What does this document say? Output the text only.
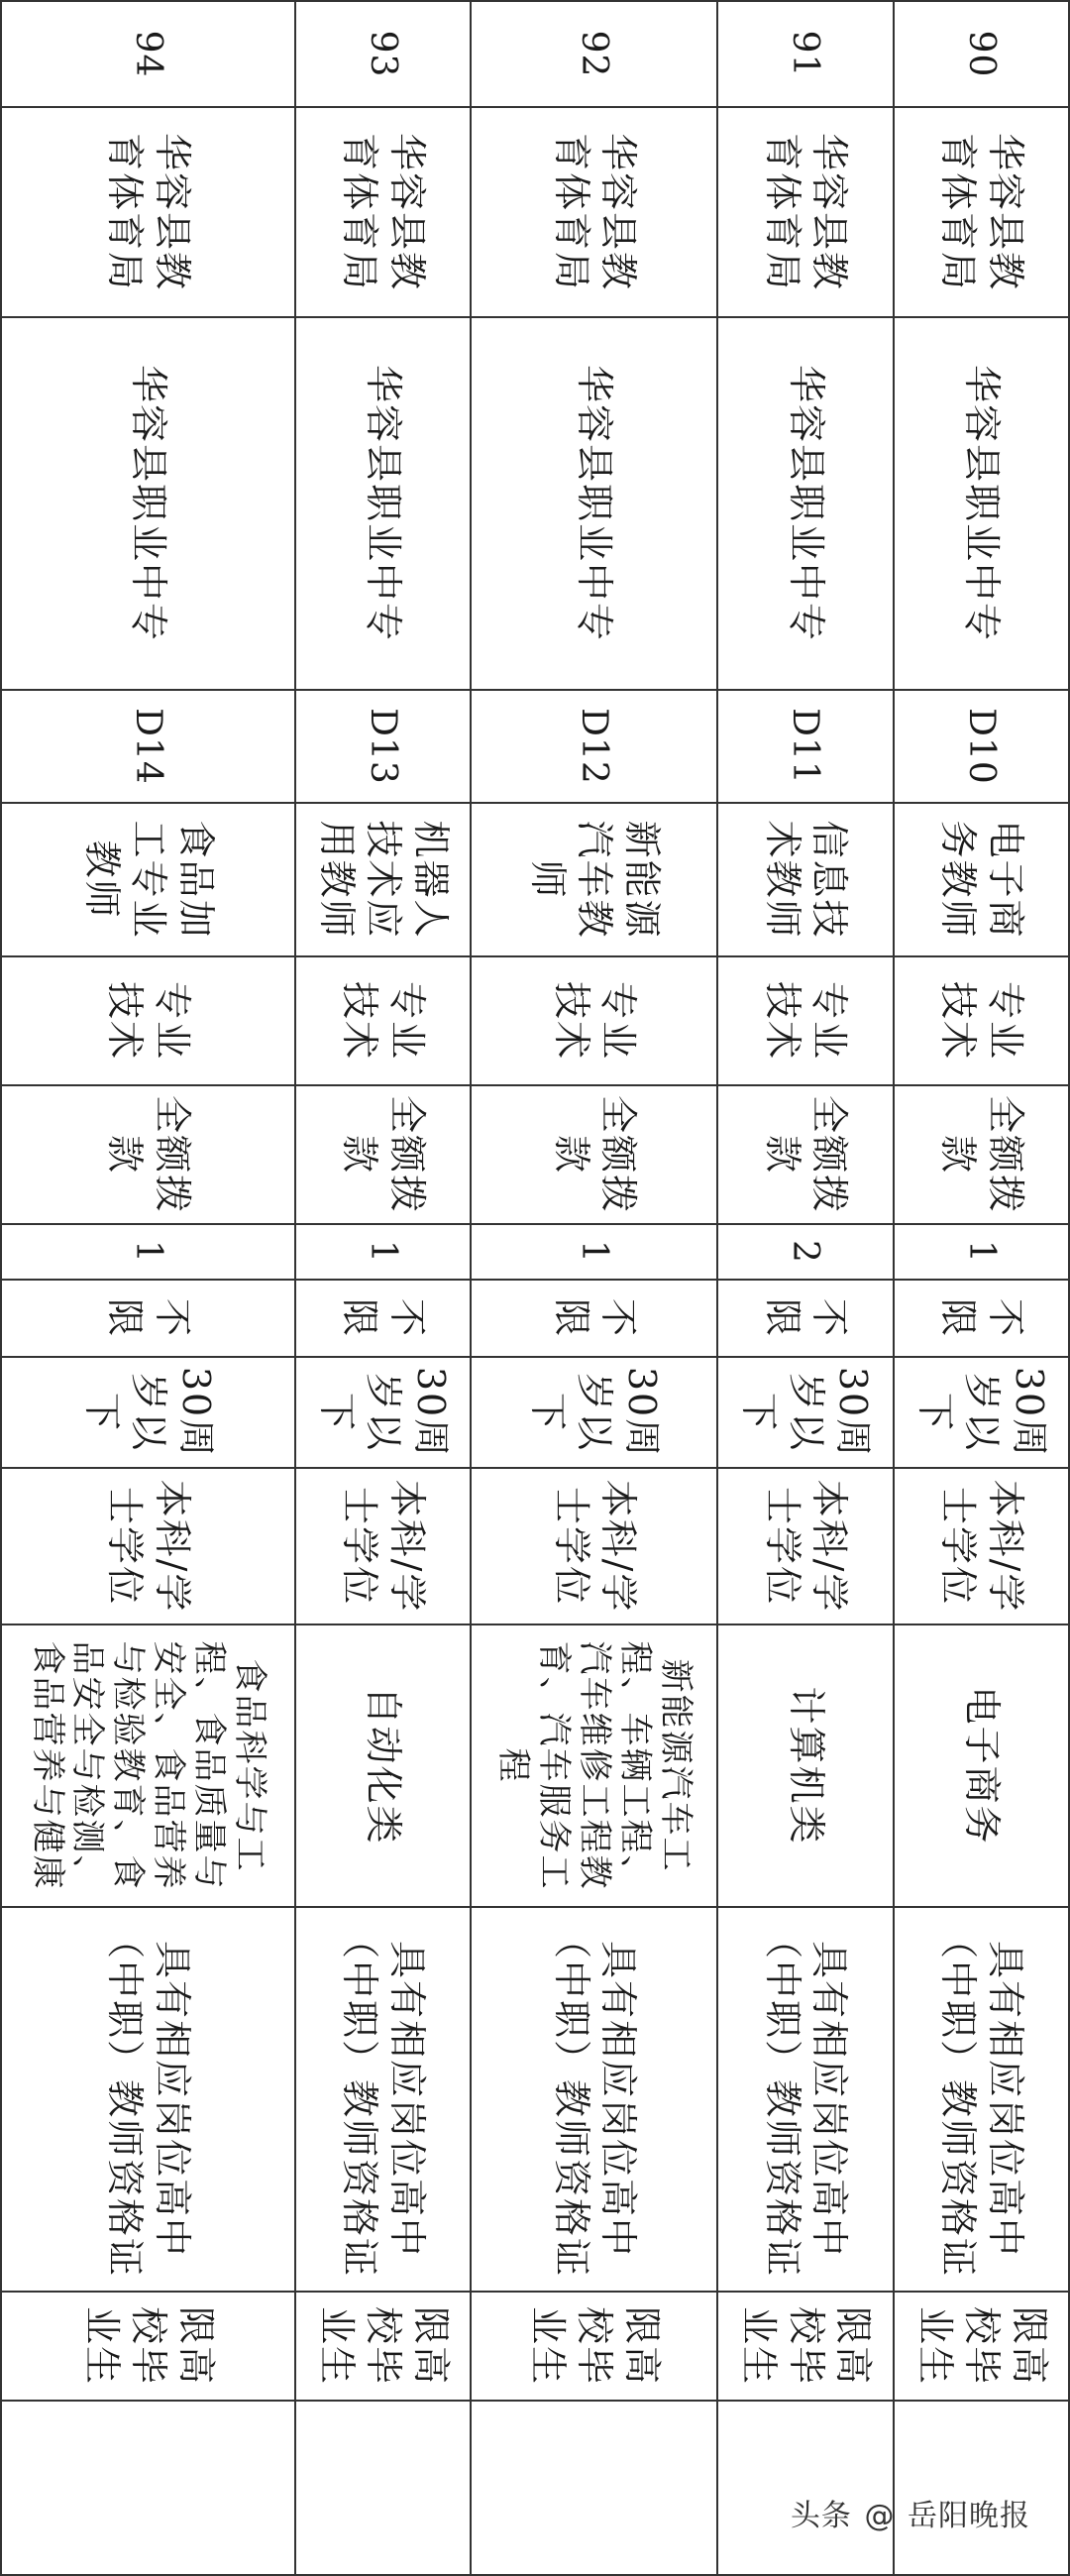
90	华容县教育体育局	华容县职业中专	D10	电子商务教师	专业技术	全额拨款	1	不限	30周岁以下	本科/学士学位	电子商务	具有相应岗位高中（中职）教师资格证	限高校毕业生	
91	华容县教育体育局	华容县职业中专	D11	信息技术教师	专业技术	全额拨款	2	不限	30周岁以下	本科/学士学位	计算机类	具有相应岗位高中（中职）教师资格证	限高校毕业生	
92	华容县教育体育局	华容县职业中专	D12	新能源汽车教师	专业技术	全额拨款	1	不限	30周岁以下	本科/学士学位	新能源汽车工程、车辆工程、汽车维修工程教育、汽车服务工程	具有相应岗位高中（中职）教师资格证	限高校毕业生	
93	华容县教育体育局	华容县职业中专	D13	机器人技术应用教师	专业技术	全额拨款	1	不限	30周岁以下	本科/学士学位	自动化类	具有相应岗位高中（中职）教师资格证	限高校毕业生	
94	华容县教育体育局	华容县职业中专	D14	食品加工专业教师	专业技术	全额拨款	1	不限	30周岁以下	本科/学士学位	食品科学与工程、食品质量与安全、食品营养与检验教育、食品安全与检测、食品营养与健康	具有相应岗位高中（中职）教师资格证	限高校毕业生	
头条 @ 岳阳晚报
